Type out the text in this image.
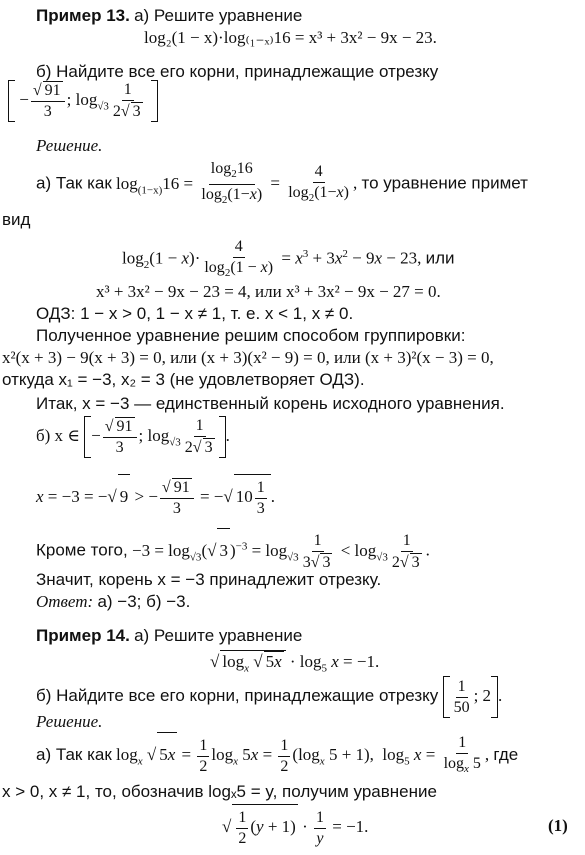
Пример 13. а) Решите уравнение
log₂(1 − x)·log₍₁₋ₓ₎16 = x³ + 3x² − 9x − 23.
б) Найдите все его корни, принадлежащие отрезку
− $\frac{√ 91}{3}$ ; $\log_{√3} \frac{1}{2√ 3}$

Решение.
а) Так как $\log_{(1-x)}16 = \frac{\log_216}{\log_2(1-x)} = \frac{4}{\log_2(1-x)}$ , то уравнение примет
вид
$\log_2(1 - x)\cdot \frac{4}{\log_2(1 - x)} = x^3 + 3x^2 - 9x - 23$, или
x³ + 3x² − 9x − 23 = 4, или x³ + 3x² − 9x − 27 = 0.
ОДЗ: 1 − x > 0, 1 − x ≠ 1, т. е. x < 1, x ≠ 0.
Полученное уравнение решим способом группировки:
x²(x + 3) − 9(x + 3) = 0, или (x + 3)(x² − 9) = 0, или (x + 3)²(x − 3) = 0,
откуда x₁ = −3, x₂ = 3 (не удовлетворяет ОДЗ).
Итак, x = −3 — единственный корень исходного уравнения.
б) x ∈ − $\frac{√ 91}{3}$ ; $\log_{√3} \frac{1}{2√ 3}$ .
x = −3 = −√ 9 > − $\frac{√ 91}{3}$ = −√ $10 \frac{1}{3}$ .
Кроме того, $-3 = \log_{√3}(√$ 3 )$^{-3} = \log_{√3} \frac{1}{3√ 3} < \log_{√3} \frac{1}{2√ 3}$ .
Значит, корень x = −3 принадлежит отрезку.
Ответ: а) −3; б) −3.
Пример 14. а) Решите уравнение
√ $\log_x$ √ $5x \cdot \log_5 x = -1$.
б) Найдите все его корни, принадлежащие отрезку $\frac{1}{50}$ ; 2 .
Решение.
а) Так как $\log_x$ √ $5x = \frac{1}{2} \log_x 5x = \frac{1}{2} (\log_x$ 5 + 1),  $\log_5 x = \frac{1}{\log_x 5}$ , где
x > 0, x ≠ 1, то, обозначив logₓ5 = y, получим уравнение
√ $\frac{1}{2} (y + 1) \cdot \frac{1}{y} = -1$.	(1)
